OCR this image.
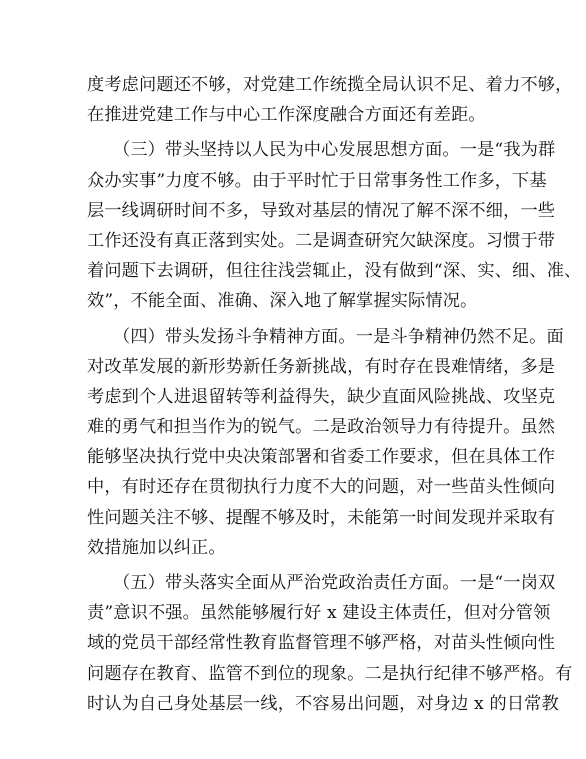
度考虑问题还不够，对党建工作统揽全局认识不足、着力不够，
在推进党建工作与中心工作深度融合方面还有差距。
（三）带头坚持以人民为中心发展思想方面。一是“我为群
众办实事”力度不够。由于平时忙于日常事务性工作多，下基
层一线调研时间不多，导致对基层的情况了解不深不细，一些
工作还没有真正落到实处。二是调查研究欠缺深度。习惯于带
着问题下去调研，但往往浅尝辄止，没有做到“深、实、细、准、
效”，不能全面、准确、深入地了解掌握实际情况。
（四）带头发扬斗争精神方面。一是斗争精神仍然不足。面
对改革发展的新形势新任务新挑战，有时存在畏难情绪，多是
考虑到个人进退留转等利益得失，缺少直面风险挑战、攻坚克
难的勇气和担当作为的锐气。二是政治领导力有待提升。虽然
能够坚决执行党中央决策部署和省委工作要求，但在具体工作
中，有时还存在贯彻执行力度不大的问题，对一些苗头性倾向
性问题关注不够、提醒不够及时，未能第一时间发现并采取有
效措施加以纠正。
（五）带头落实全面从严治党政治责任方面。一是“一岗双
责”意识不强。虽然能够履行好 x 建设主体责任，但对分管领
域的党员干部经常性教育监督管理不够严格，对苗头性倾向性
问题存在教育、监管不到位的现象。二是执行纪律不够严格。有
时认为自己身处基层一线，不容易出问题，对身边 x 的日常教
